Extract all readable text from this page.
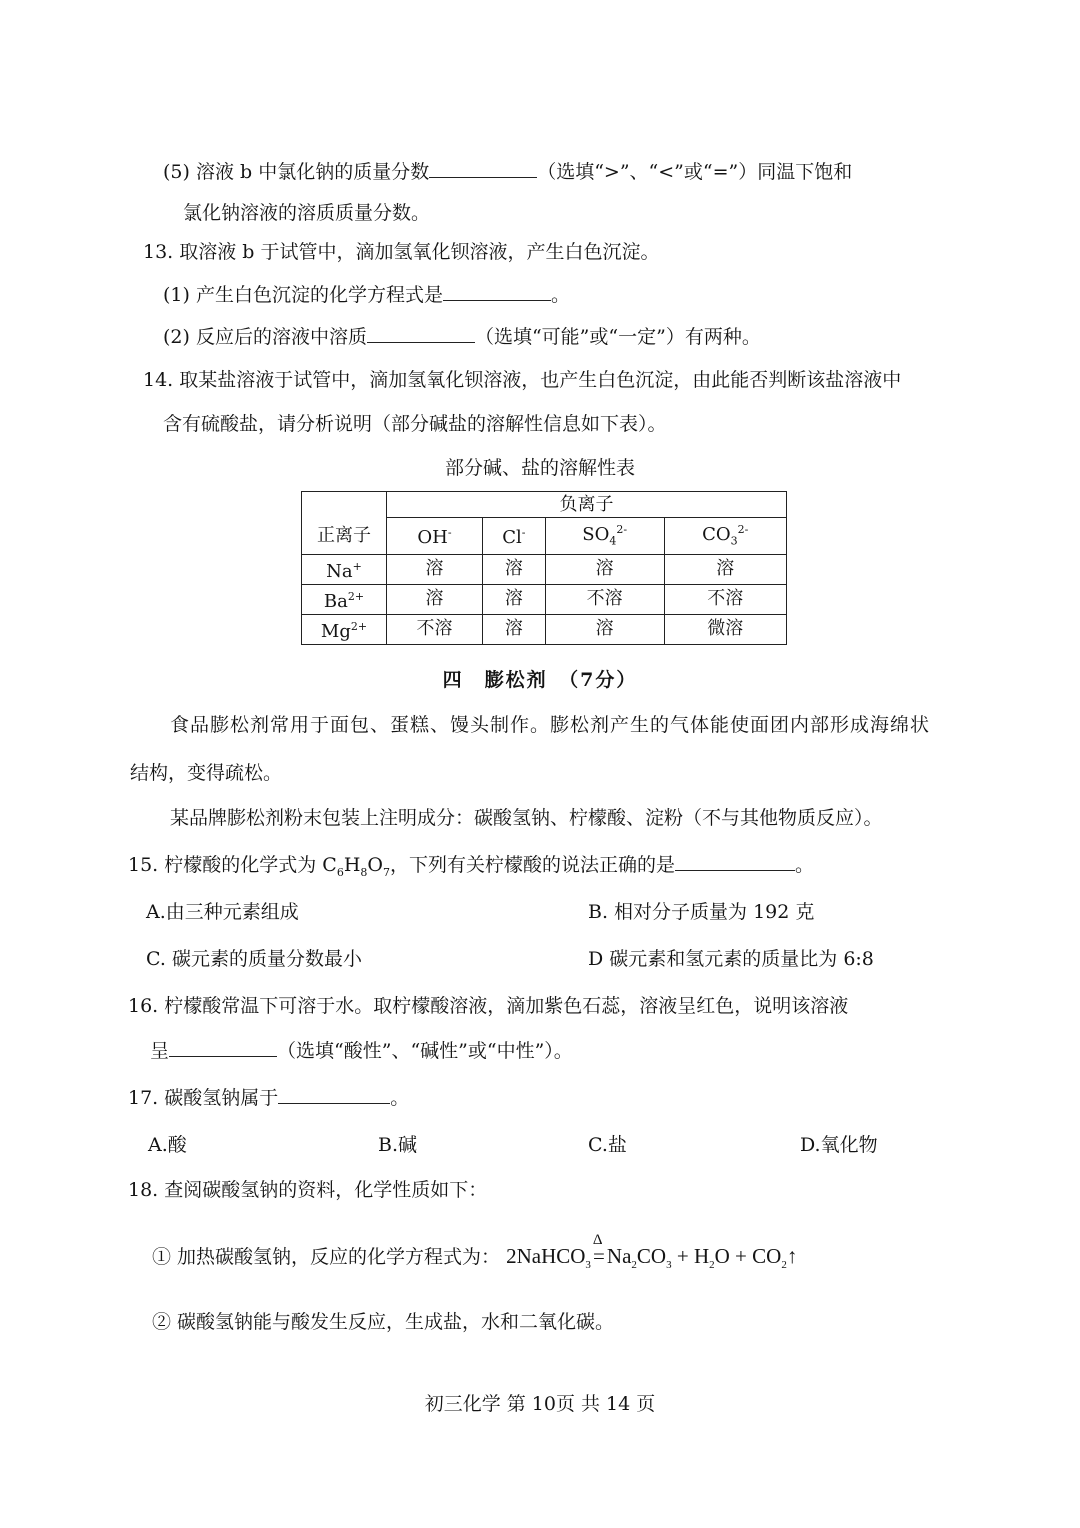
(5) 溶液 b 中氯化钠的质量分数	（选填“>”、“<”或“=”）同温下饱和
氯化钠溶液的溶质质量分数。
13. 取溶液 b 于试管中，滴加氢氧化钡溶液，产生白色沉淀。
(1) 产生白色沉淀的化学方程式是	。
(2) 反应后的溶液中溶质	（选填“可能”或“一定”）有两种。
14. 取某盐溶液于试管中，滴加氢氧化钡溶液，也产生白色沉淀，由此能否判断该盐溶液中
含有硫酸盐，请分析说明（部分碱盐的溶解性信息如下表）。
部分碱、盐的溶解性表
	负离子			
正离子	OH-	Cl-	$SO_4^{2-}$	$CO_3^{2-}$
Na+	溶	溶	溶	溶
$Ba^{2+}$	溶	溶	不溶	不溶
$Mg^{2+}$	不溶	溶	溶	微溶
四　膨松剂　（7分）
食品膨松剂常用于面包、蛋糕、馒头制作。膨松剂产生的气体能使面团内部形成海绵状
结构，变得疏松。
某品牌膨松剂粉末包装上注明成分：碳酸氢钠、柠檬酸、淀粉（不与其他物质反应）。
15. 柠檬酸的化学式为 $C_6H_8O_7$，下列有关柠檬酸的说法正确的是	。
A.由三种元素组成	B. 相对分子质量为 192 克
C. 碳元素的质量分数最小	D 碳元素和氢元素的质量比为 6:8
16. 柠檬酸常温下可溶于水。取柠檬酸溶液，滴加紫色石蕊，溶液呈红色，说明该溶液
呈	（选填“酸性”、“碱性”或“中性”）。
17. 碳酸氢钠属于	。
A.酸	B.碱	C.盐	D.氧化物
18. 查阅碳酸氢钠的资料，化学性质如下：
① 加热碳酸氢钠，反应的化学方程式为： 2NaHCO$_3$
Δ
$=Na_2CO_3 + H_2O$ + $CO_2↑$
② 碳酸氢钠能与酸发生反应，生成盐，水和二氧化碳。
初三化学 第 10页 共 14 页
